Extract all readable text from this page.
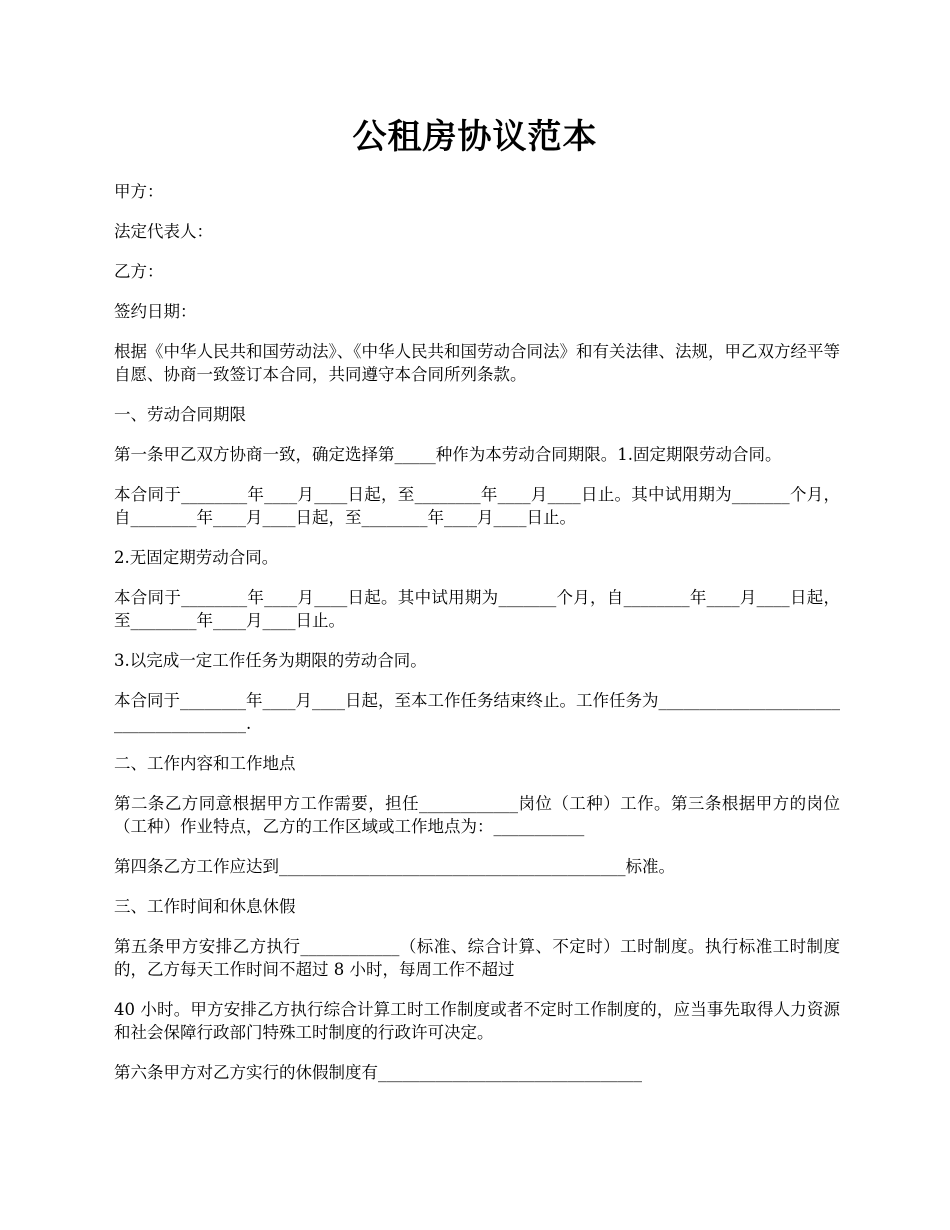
公租房协议范本

甲方：

法定代表人：

乙方：

签约日期：

根据《中华人民共和国劳动法》、《中华人民共和国劳动合同法》和有关法律、法规，甲乙双方经平等自愿、协商一致签订本合同，共同遵守本合同所列条款。

一、劳动合同期限

第一条甲乙双方协商一致，确定选择第_____种作为本劳动合同期限。1.固定期限劳动合同。

本合同于________年____月____日起，至________年____月____日止。其中试用期为_______个月，自________年____月____日起，至________年____月____日止。

2.无固定期劳动合同。

本合同于________年____月____日起。其中试用期为_______个月，自________年____月____日起，至________年____月____日止。

3.以完成一定工作任务为期限的劳动合同。

本合同于________年____月____日起，至本工作任务结束终止。工作任务为______________________________________.

二、工作内容和工作地点

第二条乙方同意根据甲方工作需要，担任____________岗位（工种）工作。第三条根据甲方的岗位（工种）作业特点，乙方的工作区域或工作地点为：___________

第四条乙方工作应达到__________________________________________标准。

三、工作时间和休息休假

第五条甲方安排乙方执行____________（标准、综合计算、不定时）工时制度。执行标准工时制度的，乙方每天工作时间不超过 8 小时，每周工作不超过

40 小时。甲方安排乙方执行综合计算工时工作制度或者不定时工作制度的，应当事先取得人力资源和社会保障行政部门特殊工时制度的行政许可决定。

第六条甲方对乙方实行的休假制度有________________________________
